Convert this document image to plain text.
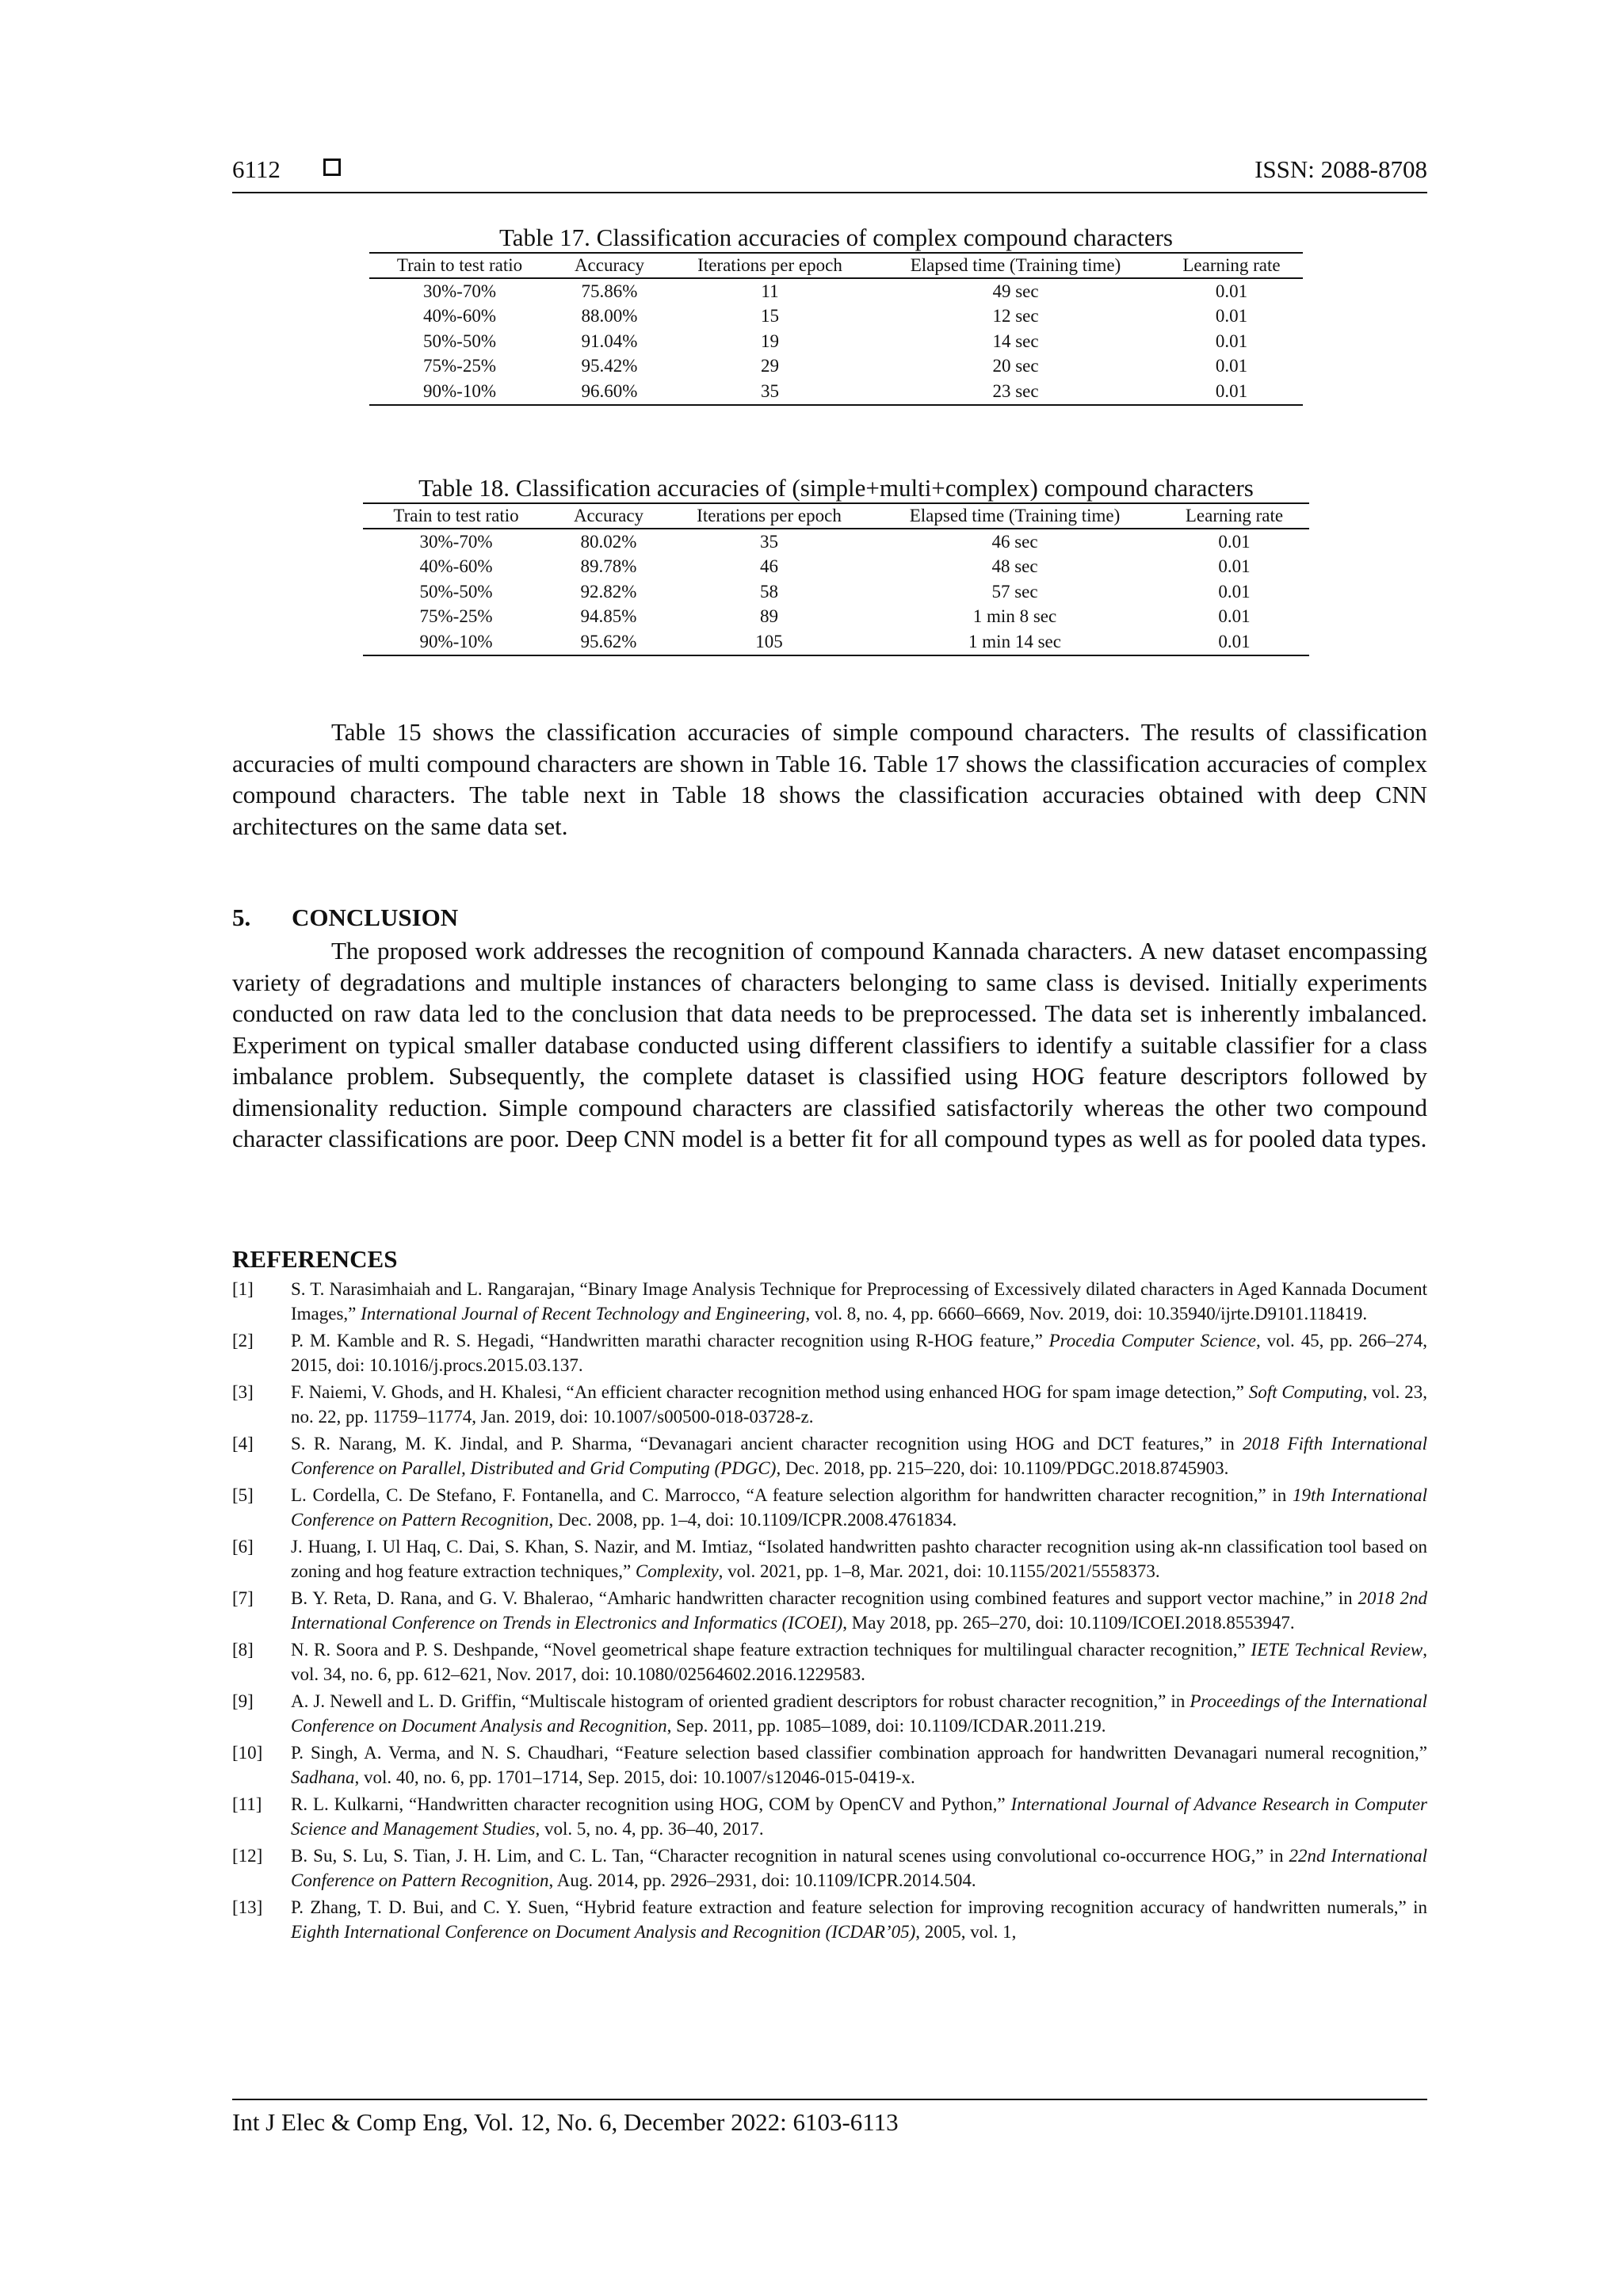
6112	ISSN: 2088-8708
Table 17. Classification accuracies of complex compound characters
Train to test ratio	Accuracy	Iterations per epoch	Elapsed time (Training time)	Learning rate
30%-70%	75.86%	11	49 sec	0.01
40%-60%	88.00%	15	12 sec	0.01
50%-50%	91.04%	19	14 sec	0.01
75%-25%	95.42%	29	20 sec	0.01
90%-10%	96.60%	35	23 sec	0.01
Table 18. Classification accuracies of (simple+multi+complex) compound characters
Train to test ratio	Accuracy	Iterations per epoch	Elapsed time (Training time)	Learning rate
30%-70%	80.02%	35	46 sec	0.01
40%-60%	89.78%	46	48 sec	0.01
50%-50%	92.82%	58	57 sec	0.01
75%-25%	94.85%	89	1 min 8 sec	0.01
90%-10%	95.62%	105	1 min 14 sec	0.01

Table 15 shows the classification accuracies of simple compound characters. The results of classification accuracies of multi compound characters are shown in Table 16. Table 17 shows the classification accuracies of complex compound characters. The table next in Table 18 shows the classification accuracies obtained with deep CNN architectures on the same data set.

5. CONCLUSION

The proposed work addresses the recognition of compound Kannada characters. A new dataset encompassing variety of degradations and multiple instances of characters belonging to same class is devised. Initially experiments conducted on raw data led to the conclusion that data needs to be preprocessed. The data set is inherently imbalanced. Experiment on typical smaller database conducted using different classifiers to identify a suitable classifier for a class imbalance problem. Subsequently, the complete dataset is classified using HOG feature descriptors followed by dimensionality reduction. Simple compound characters are classified satisfactorily whereas the other two compound character classifications are poor. Deep CNN model is a better fit for all compound types as well as for pooled data types.

REFERENCES
[1]	S. T. Narasimhaiah and L. Rangarajan, “Binary Image Analysis Technique for Preprocessing of Excessively dilated characters in Aged Kannada Document Images,” International Journal of Recent Technology and Engineering, vol. 8, no. 4, pp. 6660–6669, Nov. 2019, doi: 10.35940/ijrte.D9101.118419.
[2]	P. M. Kamble and R. S. Hegadi, “Handwritten marathi character recognition using R-HOG feature,” Procedia Computer Science, vol. 45, pp. 266–274, 2015, doi: 10.1016/j.procs.2015.03.137.
[3]	F. Naiemi, V. Ghods, and H. Khalesi, “An efficient character recognition method using enhanced HOG for spam image detection,” Soft Computing, vol. 23, no. 22, pp. 11759–11774, Jan. 2019, doi: 10.1007/s00500-018-03728-z.
[4]	S. R. Narang, M. K. Jindal, and P. Sharma, “Devanagari ancient character recognition using HOG and DCT features,” in 2018 Fifth International Conference on Parallel, Distributed and Grid Computing (PDGC), Dec. 2018, pp. 215–220, doi: 10.1109/PDGC.2018.8745903.
[5]	L. Cordella, C. De Stefano, F. Fontanella, and C. Marrocco, “A feature selection algorithm for handwritten character recognition,” in 19th International Conference on Pattern Recognition, Dec. 2008, pp. 1–4, doi: 10.1109/ICPR.2008.4761834.
[6]	J. Huang, I. Ul Haq, C. Dai, S. Khan, S. Nazir, and M. Imtiaz, “Isolated handwritten pashto character recognition using ak-nn classification tool based on zoning and hog feature extraction techniques,” Complexity, vol. 2021, pp. 1–8, Mar. 2021, doi: 10.1155/2021/5558373.
[7]	B. Y. Reta, D. Rana, and G. V. Bhalerao, “Amharic handwritten character recognition using combined features and support vector machine,” in 2018 2nd International Conference on Trends in Electronics and Informatics (ICOEI), May 2018, pp. 265–270, doi: 10.1109/ICOEI.2018.8553947.
[8]	N. R. Soora and P. S. Deshpande, “Novel geometrical shape feature extraction techniques for multilingual character recognition,” IETE Technical Review, vol. 34, no. 6, pp. 612–621, Nov. 2017, doi: 10.1080/02564602.2016.1229583.
[9]	A. J. Newell and L. D. Griffin, “Multiscale histogram of oriented gradient descriptors for robust character recognition,” in Proceedings of the International Conference on Document Analysis and Recognition, Sep. 2011, pp. 1085–1089, doi: 10.1109/ICDAR.2011.219.
[10]	P. Singh, A. Verma, and N. S. Chaudhari, “Feature selection based classifier combination approach for handwritten Devanagari numeral recognition,” Sadhana, vol. 40, no. 6, pp. 1701–1714, Sep. 2015, doi: 10.1007/s12046-015-0419-x.
[11]	R. L. Kulkarni, “Handwritten character recognition using HOG, COM by OpenCV and Python,” International Journal of Advance Research in Computer Science and Management Studies, vol. 5, no. 4, pp. 36–40, 2017.
[12]	B. Su, S. Lu, S. Tian, J. H. Lim, and C. L. Tan, “Character recognition in natural scenes using convolutional co-occurrence HOG,” in 22nd International Conference on Pattern Recognition, Aug. 2014, pp. 2926–2931, doi: 10.1109/ICPR.2014.504.
[13]	P. Zhang, T. D. Bui, and C. Y. Suen, “Hybrid feature extraction and feature selection for improving recognition accuracy of handwritten numerals,” in Eighth International Conference on Document Analysis and Recognition (ICDAR’05), 2005, vol. 1,
Int J Elec & Comp Eng, Vol. 12, No. 6, December 2022: 6103-6113
